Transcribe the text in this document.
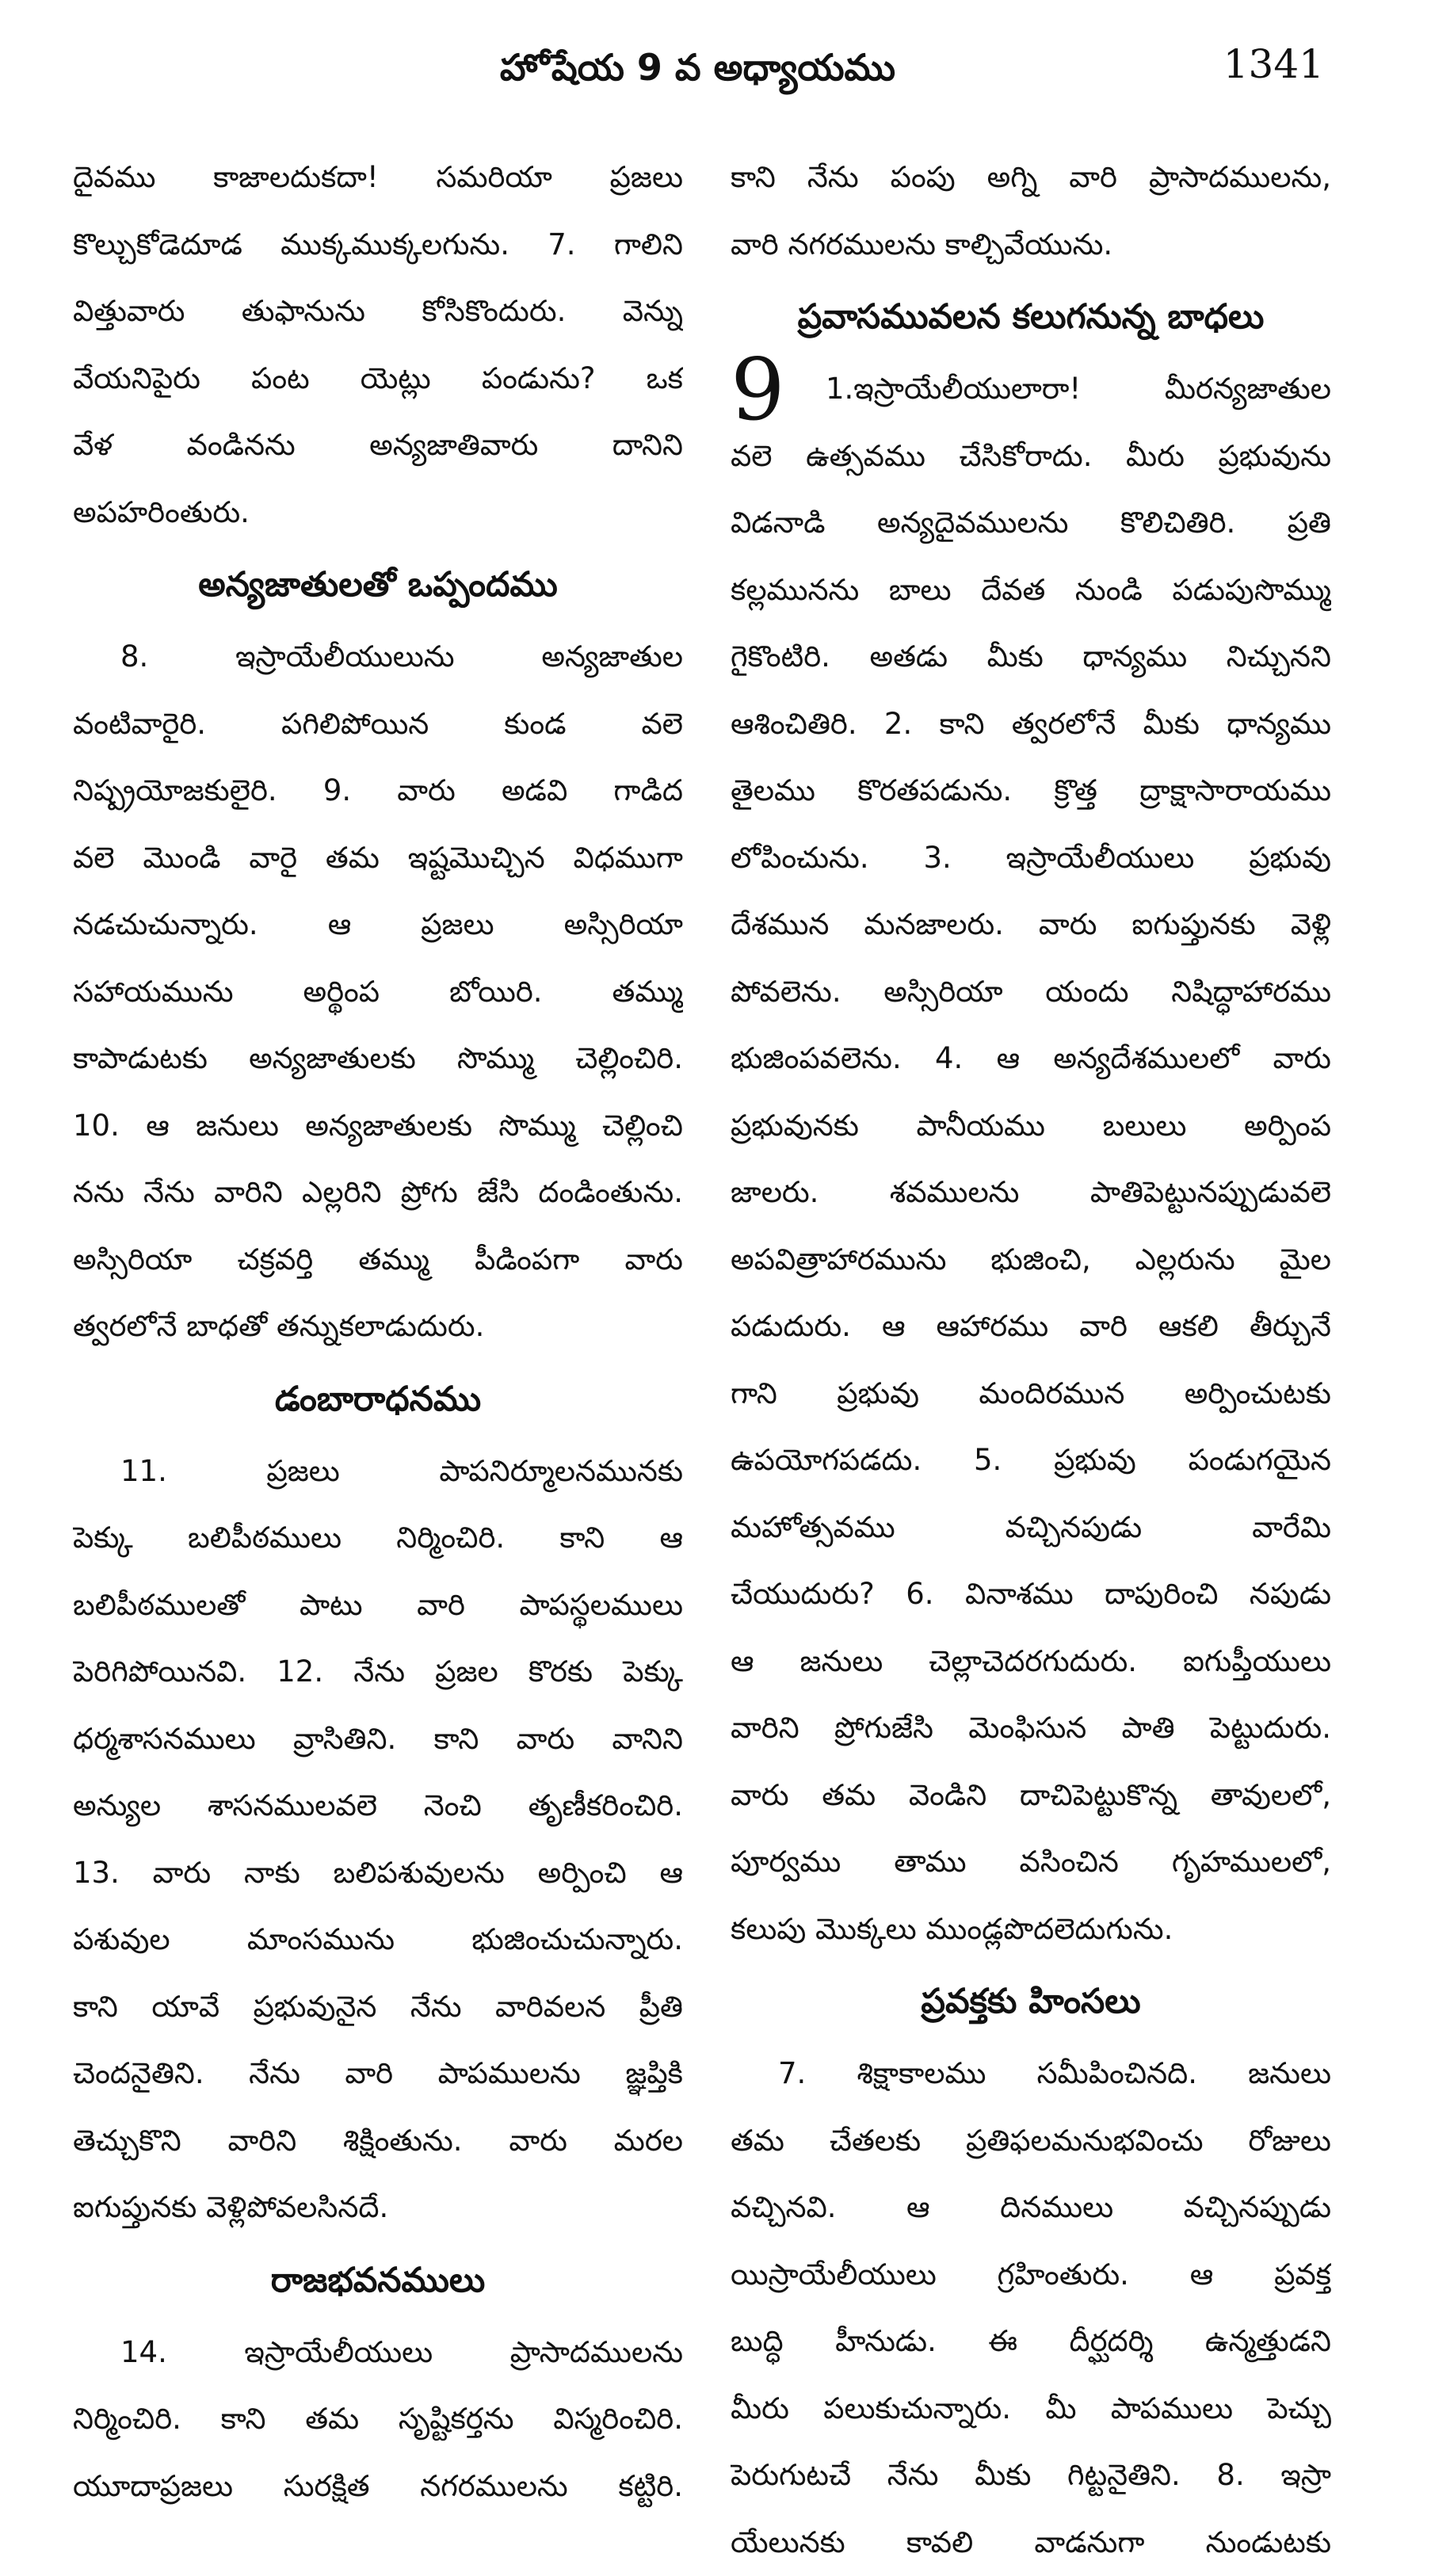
హోషేయ 9 వ అధ్యాయము	1341
దైవము కాజాలదుకదా! సమరియా ప్రజలు
కొల్చుకోడెదూడ ముక్కముక్కలగును. 7. గాలిని
విత్తువారు తుఫానును కోసికొందురు. వెన్ను
వేయనిపైరు పంట యెట్లు పండును? ఒక
వేళ వండినను అన్యజాతివారు దానిని
అపహరింతురు.
అన్యజాతులతో ఒప్పందము
8. ఇస్రాయేలీయులును అన్యజాతుల
వంటివారైరి. పగిలిపోయిన కుండ వలె
నిష్ప్రయోజకులైరి. 9. వారు అడవి గాడిద
వలె మొండి వారై తమ ఇష్టమొచ్చిన విధముగా
నడచుచున్నారు. ఆ ప్రజలు అస్సిరియా
సహాయమును అర్థింప బోయిరి. తమ్ము
కాపాడుటకు అన్యజాతులకు సొమ్ము చెల్లించిరి.
10. ఆ జనులు అన్యజాతులకు సొమ్ము చెల్లించి
నను నేను వారిని ఎల్లరిని ప్రోగు జేసి దండింతును.
అస్సిరియా చక్రవర్తి తమ్ము పీడింపగా వారు
త్వరలోనే బాధతో తన్నుకలాడుదురు.
డంబారాధనము
11. ప్రజలు పాపనిర్మూలనమునకు
పెక్కు బలిపీఠములు నిర్మించిరి. కాని ఆ
బలిపీఠములతో పాటు వారి పాపస్థలములు
పెరిగిపోయినవి. 12. నేను ప్రజల కొరకు పెక్కు
ధర్మశాసనములు వ్రాసితిని. కాని వారు వానిని
అన్యుల శాసనములవలె నెంచి తృణీకరించిరి.
13. వారు నాకు బలిపశువులను అర్పించి ఆ
పశువుల మాంసమును భుజించుచున్నారు.
కాని యావే ప్రభువునైన నేను వారివలన ప్రీతి
చెందనైతిని. నేను వారి పాపములను జ్ఞప్తికి
తెచ్చుకొని వారిని శిక్షింతును. వారు మరల
ఐగుప్తునకు వెళ్లిపోవలసినదే.
రాజభవనములు
14. ఇస్రాయేలీయులు ప్రాసాదములను
నిర్మించిరి. కాని తమ సృష్టికర్తను విస్మరించిరి.
యూదాప్రజలు సురక్షిత నగరములను కట్టిరి.
కాని నేను పంపు అగ్ని వారి ప్రాసాదములను,
వారి నగరములను కాల్చివేయును.
ప్రవాసమువలన కలుగనున్న బాధలు
9 1.ఇస్రాయేలీయులారా! మీరన్యజాతుల
వలె ఉత్సవము చేసికోరాదు. మీరు ప్రభువును
విడనాడి అన్యదైవములను కొలిచితిరి. ప్రతి
కల్లమునను బాలు దేవత నుండి పడుపుసొమ్ము
గైకొంటిరి. అతడు మీకు ధాన్యము నిచ్చునని
ఆశించితిరి. 2. కాని త్వరలోనే మీకు ధాన్యము
తైలము కొరతపడును. క్రొత్త ద్రాక్షాసారాయము
లోపించును. 3. ఇస్రాయేలీయులు ప్రభువు
దేశమున మనజాలరు. వారు ఐగుప్తునకు వెళ్లి
పోవలెను. అస్సిరియా యందు నిషిద్ధాహారము
భుజింపవలెను. 4. ఆ అన్యదేశములలో వారు
ప్రభువునకు పానీయము బలులు అర్పింప
జాలరు. శవములను పాతిపెట్టునప్పుడువలె
అపవిత్రాహారమును భుజించి, ఎల్లరును మైల
పడుదురు. ఆ ఆహారము వారి ఆకలి తీర్చునే
గాని ప్రభువు మందిరమున అర్పించుటకు
ఉపయోగపడదు. 5. ప్రభువు పండుగయైన
మహోత్సవము వచ్చినపుడు వారేమి
చేయుదురు? 6. వినాశము దాపురించి నపుడు
ఆ జనులు చెల్లాచెదరగుదురు. ఐగుప్తీయులు
వారిని ప్రోగుజేసి మెంఫిసున పాతి పెట్టుదురు.
వారు తమ వెండిని దాచిపెట్టుకొన్న తావులలో,
పూర్వము తాము వసించిన గృహములలో,
కలుపు మొక్కలు ముండ్లపొదలెదుగును.
ప్రవక్తకు హింసలు
7. శిక్షాకాలము సమీపించినది. జనులు
తమ చేతలకు ప్రతిఫలమనుభవించు రోజులు
వచ్చినవి. ఆ దినములు వచ్చినప్పుడు
యిస్రాయేలీయులు గ్రహింతురు. ఆ ప్రవక్త
బుద్ధి హీనుడు. ఈ దీర్ఘదర్శి ఉన్మత్తుడని
మీరు పలుకుచున్నారు. మీ పాపములు పెచ్చు
పెరుగుటచే నేను మీకు గిట్టనైతిని. 8. ఇస్రా
యేలునకు కావలి వాడనుగా నుండుటకు
